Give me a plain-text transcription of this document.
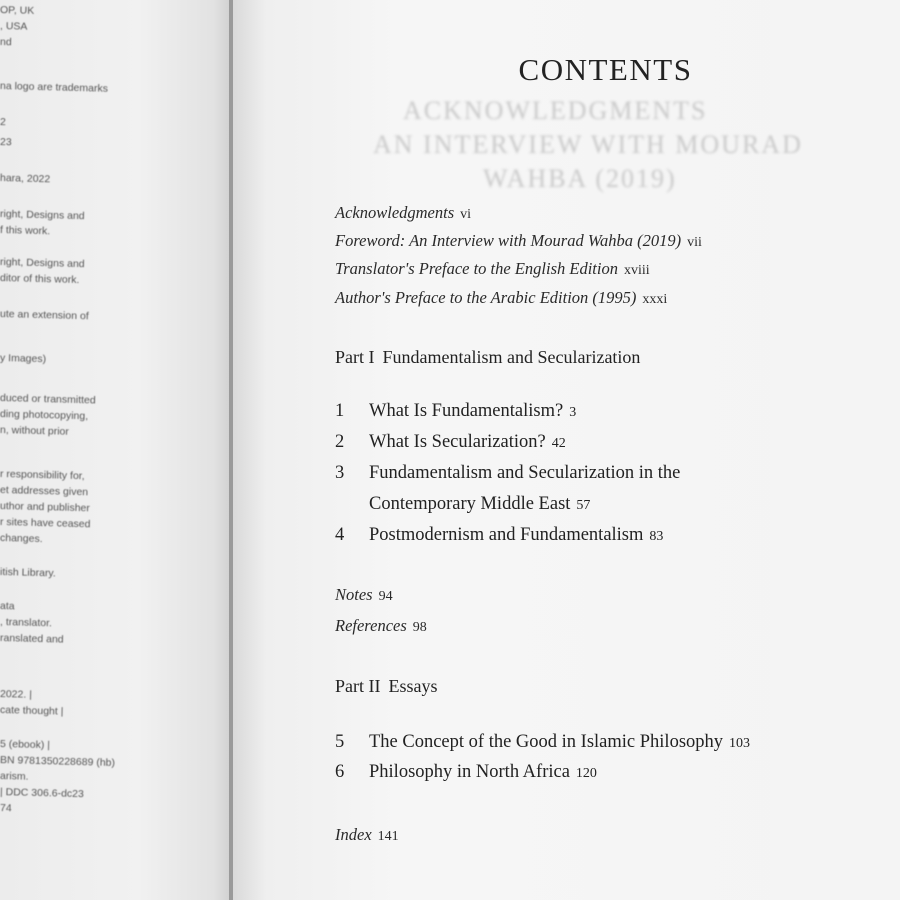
OP, UK
, USA
nd
na logo are trademarks
2
23
hara, 2022
right, Designs and
f this work.
right, Designs and
ditor of this work.
ute an extension of
y Images)
duced or transmitted
ding photocopying,
n, without prior
r responsibility for,
et addresses given
uthor and publisher
r sites have ceased
changes.
itish Library.
ata
, translator.
ranslated and
2022. |
cate thought |
5 (ebook) |
BN 9781350228689 (hb)
arism.
| DDC 306.6-dc23
74
ACKNOWLEDGMENTS
AN INTERVIEW WITH MOURAD
WAHBA (2019)
CONTENTS
Acknowledgments vi
Foreword: An Interview with Mourad Wahba (2019) vii
Translator's Preface to the English Edition xviii
Author's Preface to the Arabic Edition (1995) xxxi
Part I Fundamentalism and Secularization
1 What Is Fundamentalism? 3
2 What Is Secularization? 42
3 Fundamentalism and Secularization in the
Contemporary Middle East 57
4 Postmodernism and Fundamentalism 83
Notes 94
References 98
Part II Essays
5 The Concept of the Good in Islamic Philosophy 103
6 Philosophy in North Africa 120
Index 141
